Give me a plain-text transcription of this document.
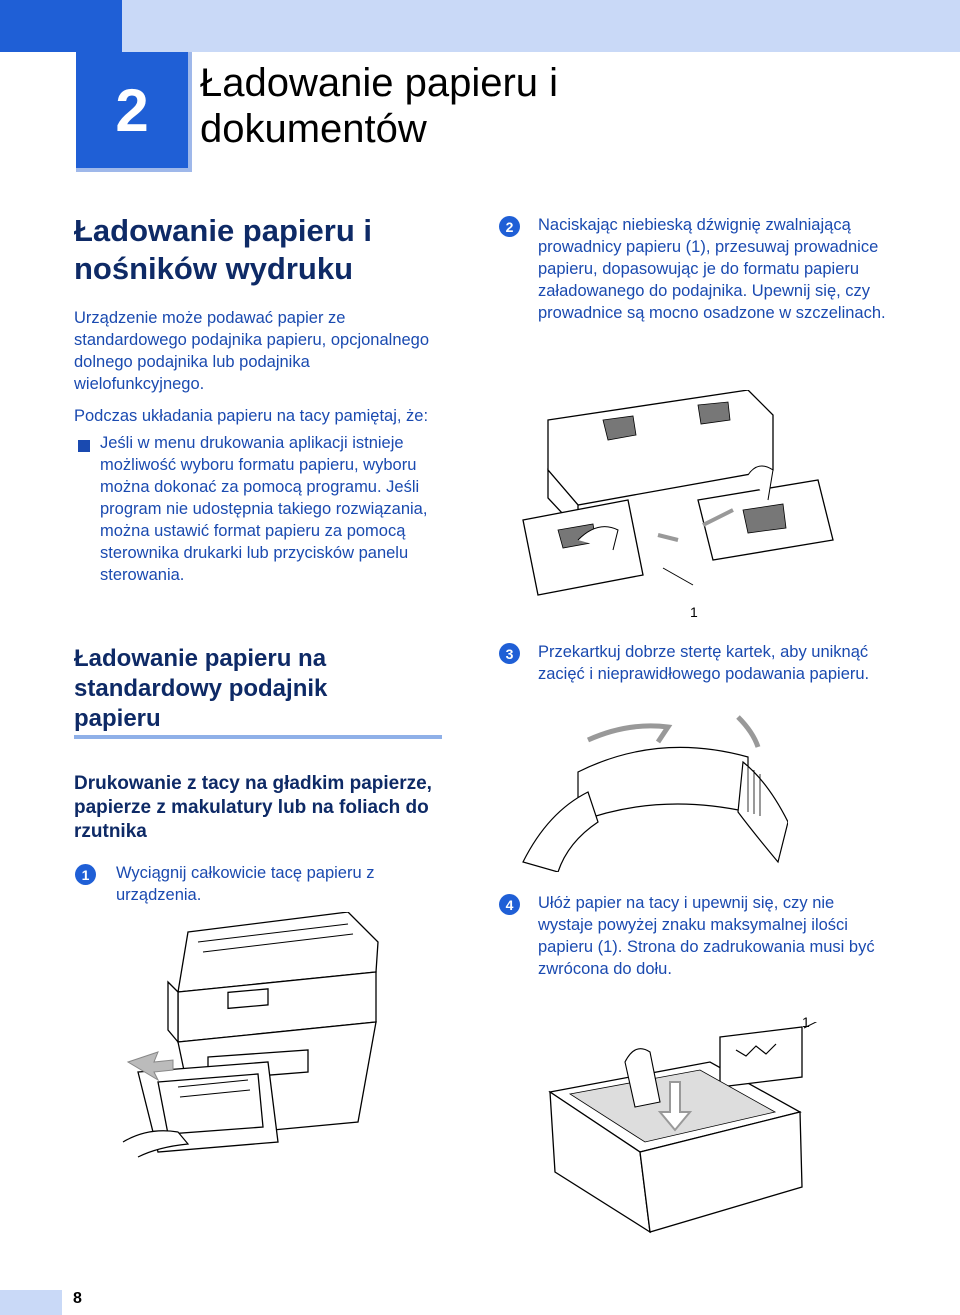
2	Ładowanie papieru i
dokumentów
Ładowanie papieru i
nośników wydruku
Urządzenie może podawać papier ze standardowego podajnika papieru, opcjonalnego dolnego podajnika lub podajnika wielofunkcyjnego.
Podczas układania papieru na tacy pamiętaj, że:
Jeśli w menu drukowania aplikacji istnieje możliwość wyboru formatu papieru, wyboru można dokonać za pomocą programu. Jeśli program nie udostępnia takiego rozwiązania, można ustawić format papieru za pomocą sterownika drukarki lub przycisków panelu sterowania.
Ładowanie papieru na
standardowy podajnik
papieru
Drukowanie z tacy na gładkim papierze, papierze z makulatury lub na foliach do rzutnika
1	Wyciągnij całkowicie tacę papieru z urządzenia.
2	Naciskając niebieską dźwignię zwalniającą prowadnicy papieru (1), przesuwaj prowadnice papieru, dopasowując je do formatu papieru załadowanego do podajnika. Upewnij się, czy prowadnice są mocno osadzone w szczelinach.
1
3	Przekartkuj dobrze stertę kartek, aby uniknąć zacięć i nieprawidłowego podawania papieru.
4	Ułóż papier na tacy i upewnij się, czy nie wystaje powyżej znaku maksymalnej ilości papieru (1). Strona do zadrukowania musi być zwrócona do dołu.
1
8
